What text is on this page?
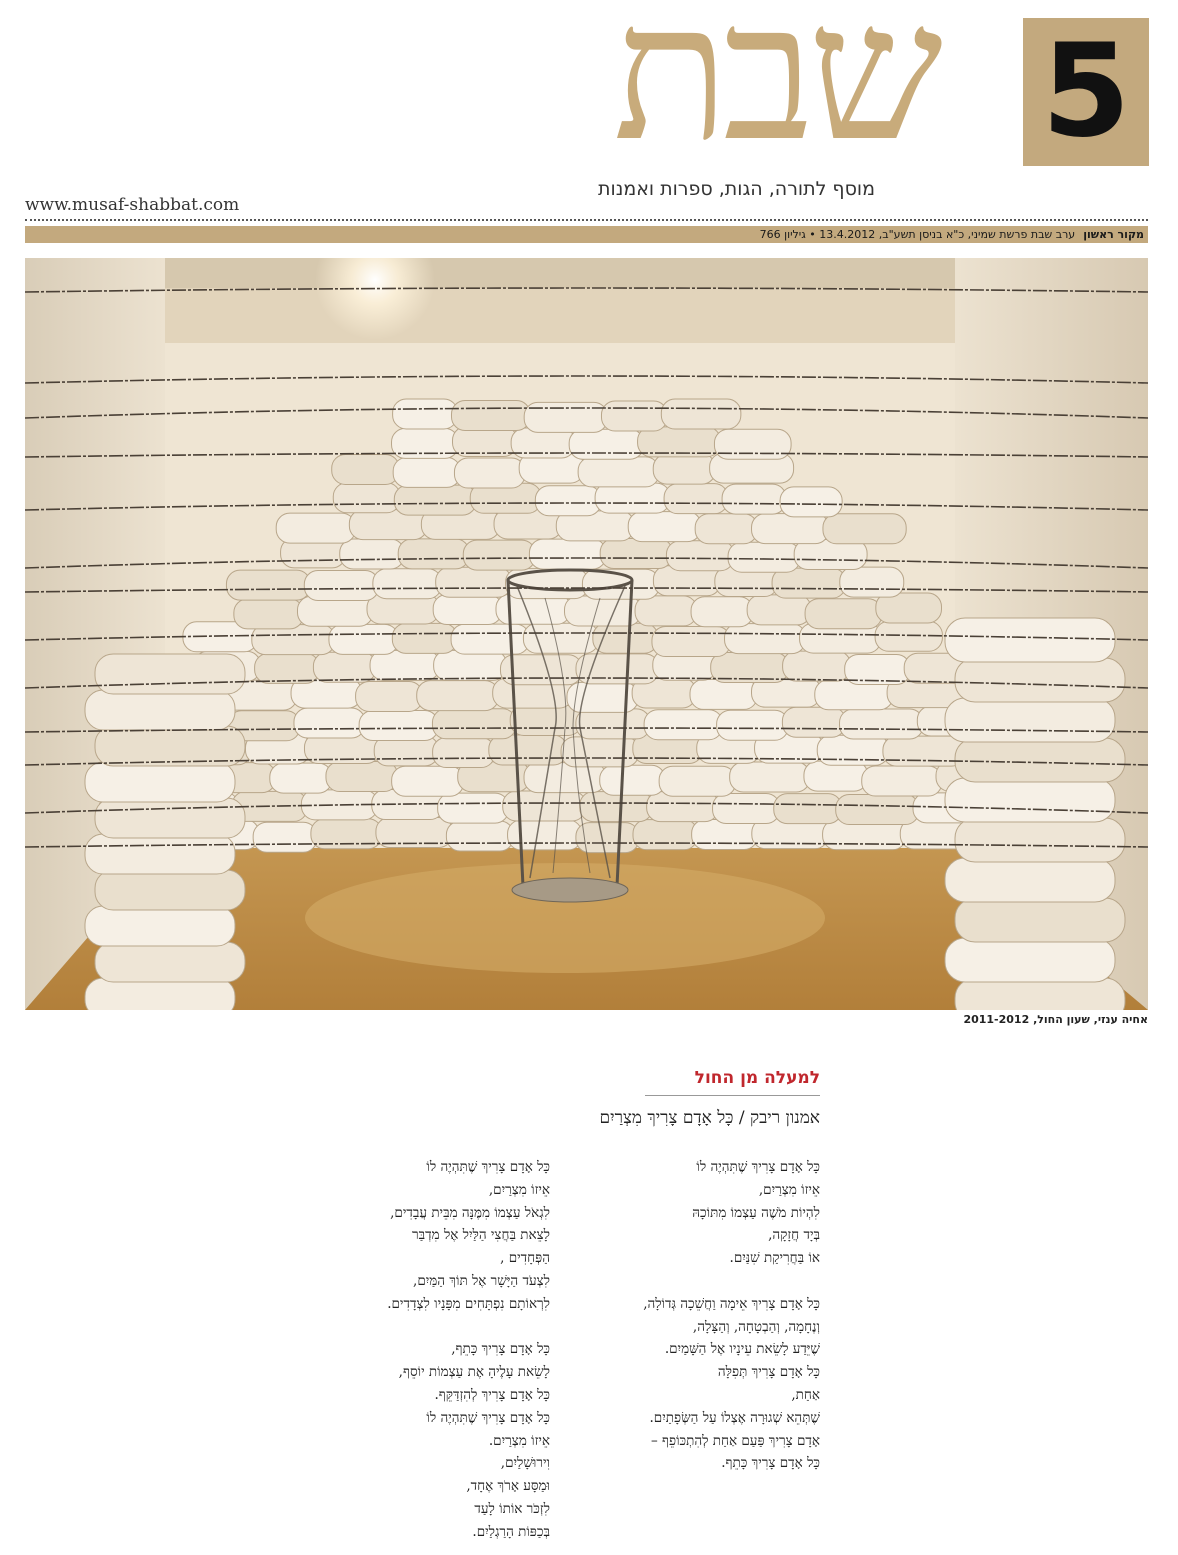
שבת 5
מוסף לתורה, הגות, ספרות ואמנות
www.musaf-shabbat.com
מקור ראשוןערב שבת פרשת שמיני, כ"א בניסן תשע"ב, 13.4.2012 • גיליון 766
אחיה ענזי, שעון החול, 2011-2012
למעלה מן החול
אמנון ריבק / כָּל אָדָם צָרִיךְ מִצְרַיִם
כָּל אָדָם צָרִיךְ שֶׁתִּהְיֶה לוֹ
אֵיזוֹ מִצְרַיִם,
לִהְיוֹת מֹשֶׁה עַצְמוֹ מִתּוֹכָהּ
בְּיָד חֲזָקָה,
אוֹ בַּחֲרִיקַת שִׁנַּיִם.
כָּל אָדָם צָרִיךְ אֵימָה וַחֲשֵׁכָה גְּדוֹלָה,
וְנֶחָמָה, וְהַבְטָחָה, וְהַצָּלָה,
שֶׁיֵּדַע לָשֵׂאת עֵינָיו אֶל הַשָּׁמַיִם.
כָּל אָדָם צָרִיךְ תְּפִלָּה
אַחַת,
שֶׁתְּהֵא שְׁגוּרָה אֶצְלוֹ עַל הַשְּׂפָתַיִם.
אָדָם צָרִיךְ פַּעַם אַחַת לְהִתְכּוֹפֵף –
כָּל אָדָם צָרִיךְ כָּתֵף.
כָּל אָדָם צָרִיךְ שֶׁתִּהְיֶה לוֹ
אֵיזוֹ מִצְרַיִם,
לִגְאֹל עַצְמוֹ מִמֶּנָּה מִבֵּית עֲבָדִים,
לָצֵאת בַּחֲצִי הַלַּיִל אֶל מִדְבַּר
הַפְּחָדִים ,
לִצְעֹד הַיָּשָׁר אֶל תּוֹךְ הַמַּיִם,
לִרְאוֹתָם נִפְתָּחִים מִפָּנָיו לִצְדָדִים.
כָּל אָדָם צָרִיךְ כָּתֵף,
לָשֵׂאת עָלֶיהָ אֶת עַצְמוֹת יוֹסֵף,
כָּל אָדָם צָרִיךְ לְהִזְדַּקֵּף.
כָּל אָדָם צָרִיךְ שֶׁתִּהְיֶה לוֹ
אֵיזוֹ מִצְרַיִם.
וִירוּשָׁלַיִם,
וּמַסָּע אָרֹךְ אֶחָד,
לִזְכֹּר אוֹתוֹ לָעַד
בְּכַפּוֹת הָרַגְלַיִם.
